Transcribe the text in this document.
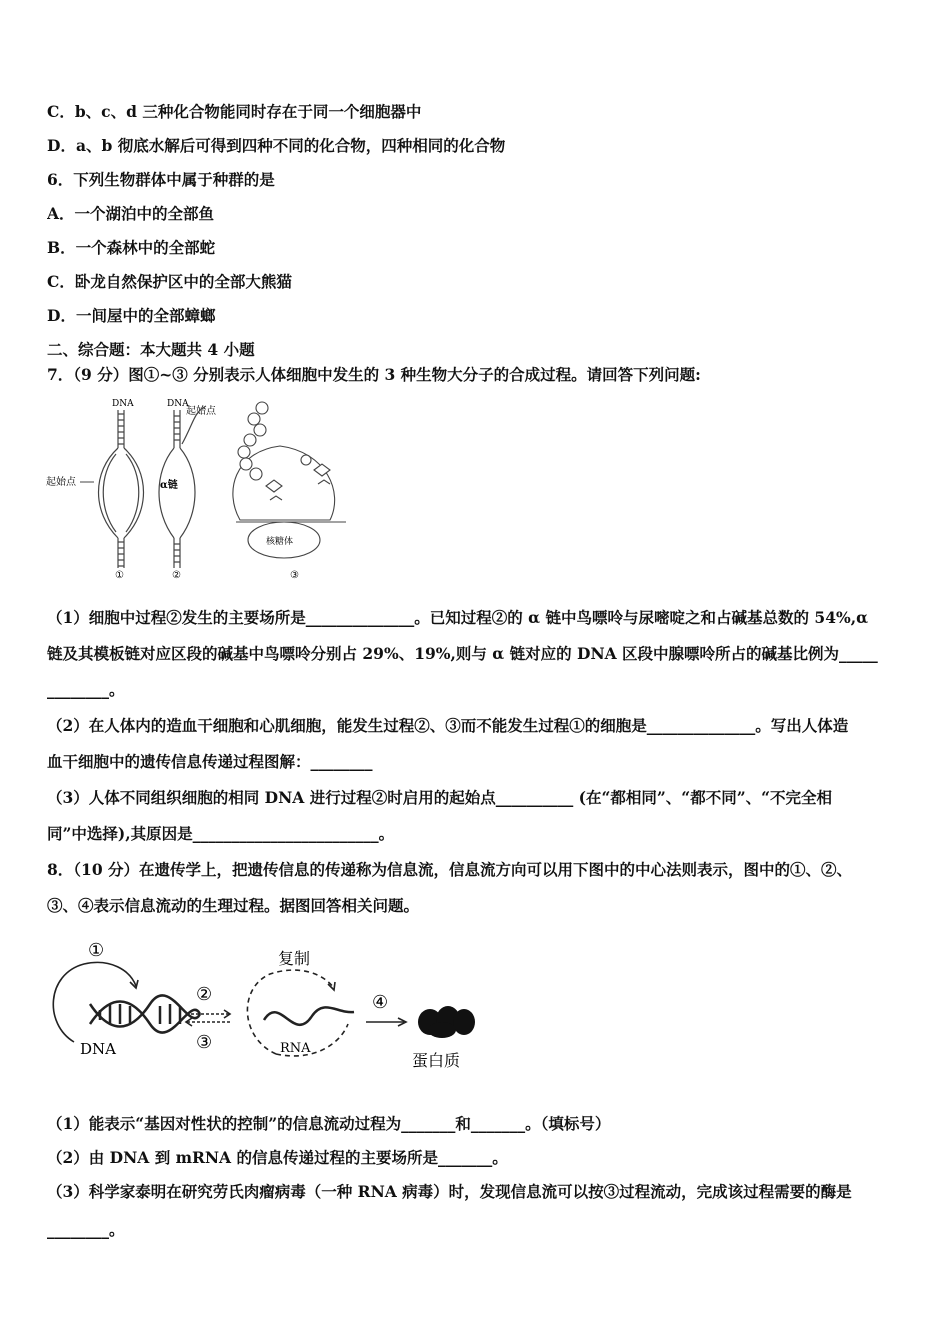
C．b、c、d 三种化合物能同时存在于同一个细胞器中
D．a、b 彻底水解后可得到四种不同的化合物，四种相同的化合物
6．下列生物群体中属于种群的是
A．一个湖泊中的全部鱼
B．一个森林中的全部蛇
C．卧龙自然保护区中的全部大熊猫
D．一间屋中的全部蟑螂
二、综合题：本大题共 4 小题
7．（9 分）图①~③ 分别表示人体细胞中发生的 3 种生物大分子的合成过程。请回答下列问题:
DNA
起始点
①
DNA
起始点
α链
②
核糖体
③
（1）细胞中过程②发生的主要场所是______________。已知过程②的 α 链中鸟嘌呤与尿嘧啶之和占碱基总数的 54%,α
链及其模板链对应区段的碱基中鸟嘌呤分别占 29%、19%,则与 α 链对应的 DNA 区段中腺嘌呤所占的碱基比例为_____
________。
（2）在人体内的造血干细胞和心肌细胞，能发生过程②、③而不能发生过程①的细胞是______________。写出人体造
血干细胞中的遗传信息传递过程图解：________
（3）人体不同组织细胞的相同 DNA 进行过程②时启用的起始点__________ (在“都相同”、“都不同”、“不完全相
同”中选择),其原因是________________________。
8．（10 分）在遗传学上，把遗传信息的传递称为信息流，信息流方向可以用下图中的中心法则表示，图中的①、②、
③、④表示信息流动的生理过程。据图回答相关问题。
①
DNA
②
③
复制
RNA
④
蛋白质
（1）能表示“基因对性状的控制”的信息流动过程为_______和_______。（填标号）
（2）由 DNA 到 mRNA 的信息传递过程的主要场所是_______。
（3）科学家泰明在研究劳氏肉瘤病毒（一种 RNA 病毒）时，发现信息流可以按③过程流动，完成该过程需要的酶是
________。
